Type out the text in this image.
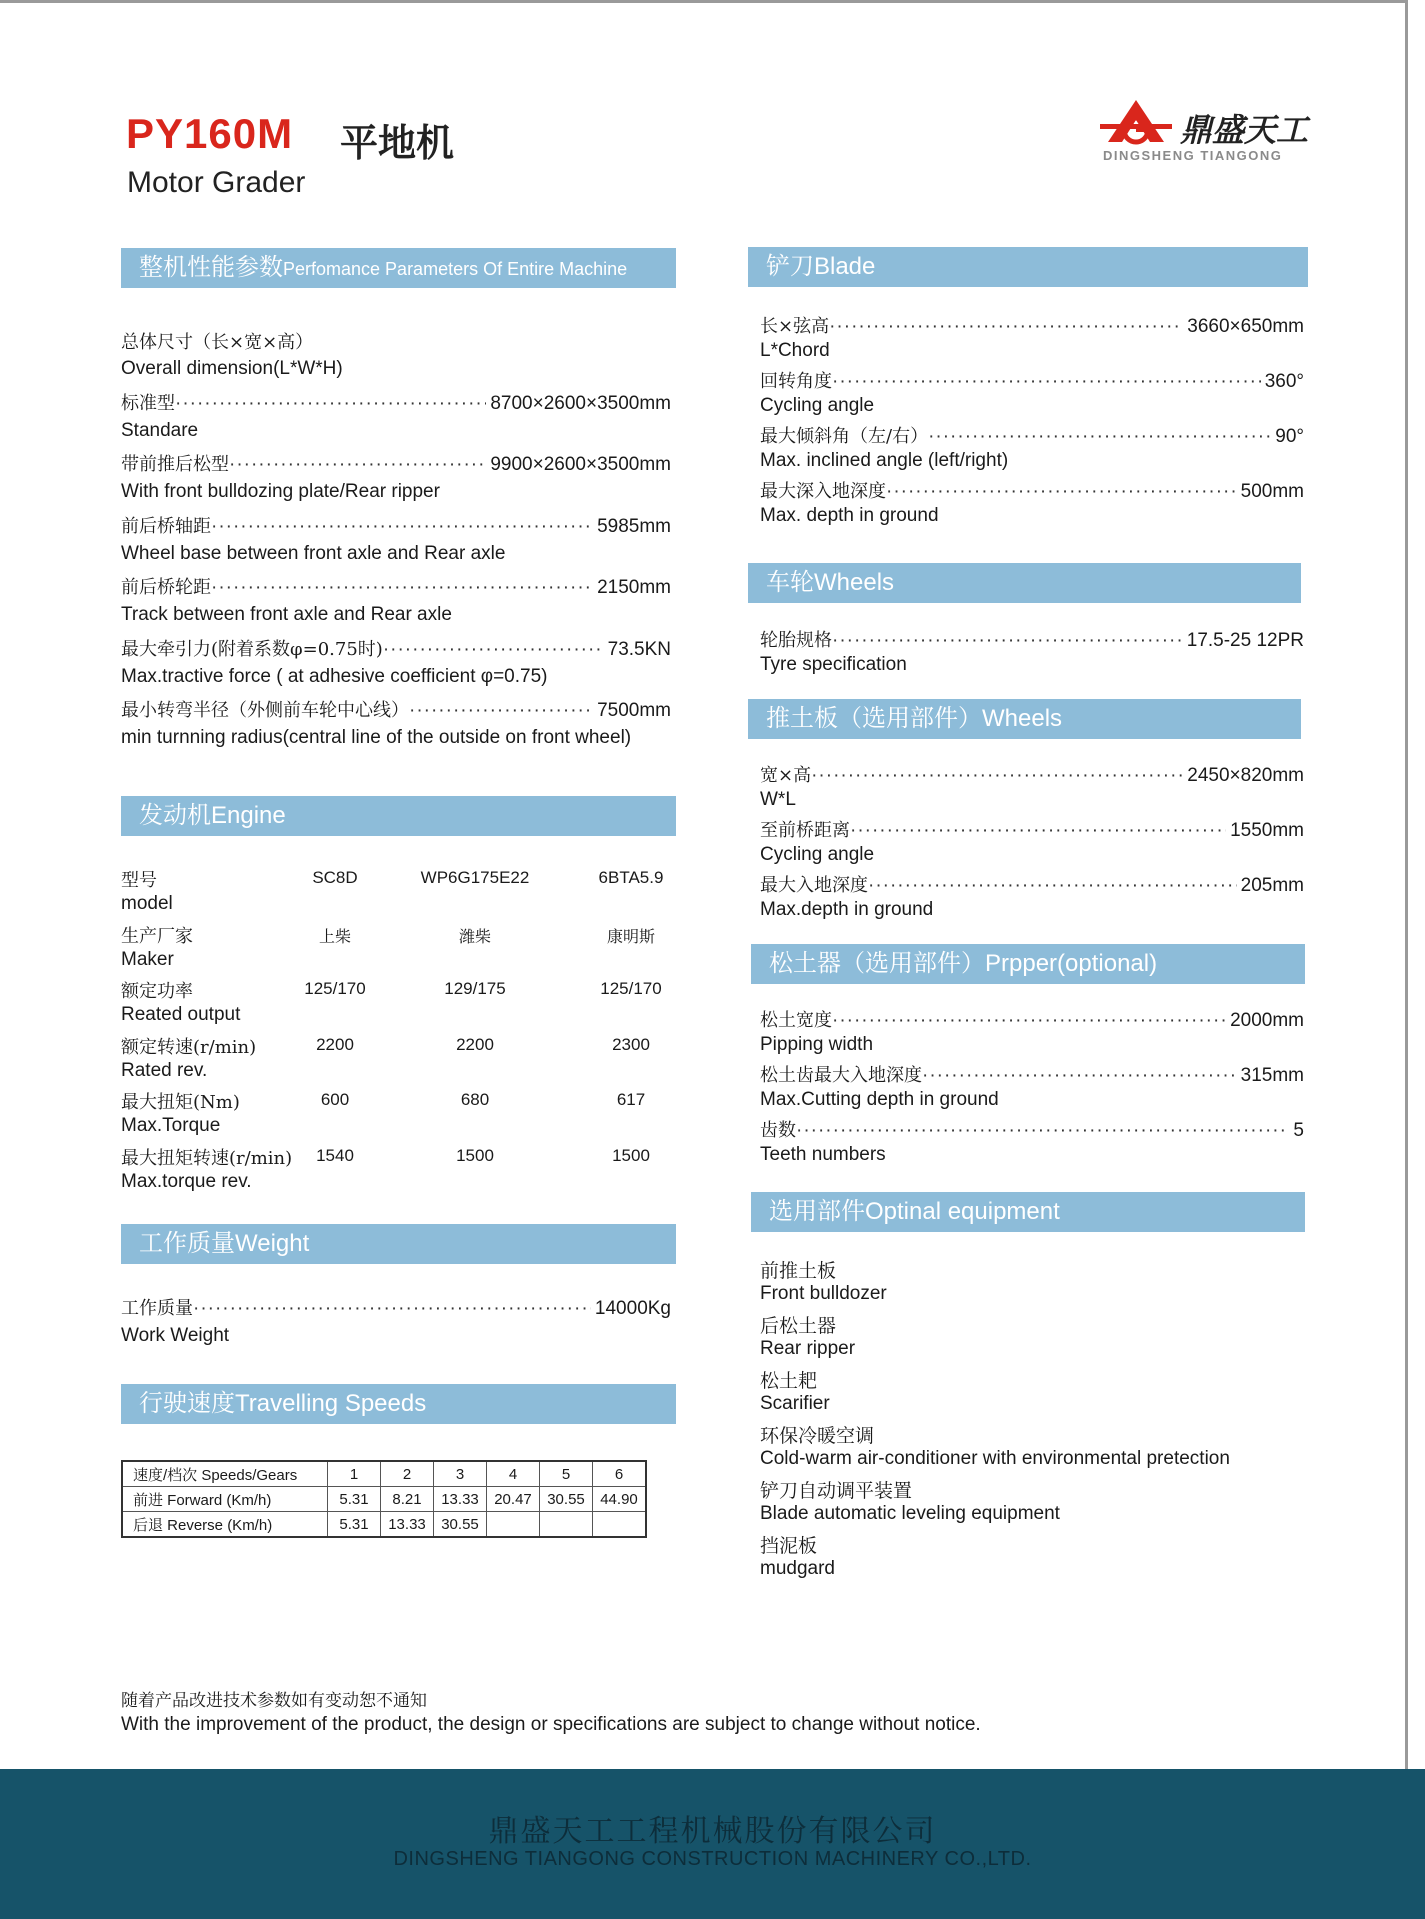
PY160M 平地机
Motor Grader
鼎盛天工
DINGSHENG TIANGONG
整机性能参数Perfomance Parameters Of Entire Machine
总体尺寸（长×宽×高）
Overall dimension(L*W*H)
标准型 ·····	8700×2600×3500mm
Standare
带前推后松型 ·····	9900×2600×3500mm
With front bulldozing plate/Rear ripper
前后桥轴距 ·····	5985mm
Wheel base between front axle and Rear axle
前后桥轮距 ·····	2150mm
Track between front axle and Rear axle
最大牵引力(附着系数φ=0.75时) ·····	73.5KN
Max.tractive force ( at adhesive coefficient φ=0.75)
最小转弯半径（外侧前车轮中心线） ·····	7500mm
min turnning radius(central line of the outside on front wheel)
发动机Engine
型号
model
SC8D	WP6G175E22	6BTA5.9
生产厂家
Maker
上柴	潍柴	康明斯
额定功率
Reated output
125/170	129/175	125/170
额定转速(r/min)
Rated rev.
2200	2200	2300
最大扭矩(Nm)
Max.Torque
600	680	617
最大扭矩转速(r/min)
Max.torque rev.
1540	1500	1500
工作质量Weight
工作质量 ·····	14000Kg
Work Weight
行驶速度Travelling Speeds
速度/档次 Speeds/Gears	1	2	3	4	5	6
前进 Forward (Km/h)	5.31	8.21	13.33	20.47	30.55	44.90
后退 Reverse (Km/h)	5.31	13.33	30.55			
铲刀Blade
长×弦高 ·····	3660×650mm
L*Chord
回转角度 ·····	360°
Cycling angle
最大倾斜角（左/右） ·····	90°
Max. inclined angle (left/right)
最大深入地深度 ·····	500mm
Max. depth in ground
车轮Wheels
轮胎规格 ·····	17.5-25 12PR
Tyre specification
推土板（选用部件）Wheels
宽×高 ·····	2450×820mm
W*L
至前桥距离 ·····	1550mm
Cycling angle
最大入地深度 ·····	205mm
Max.depth in ground
松土器（选用部件）Prpper(optional)
松土宽度 ·····	2000mm
Pipping width
松土齿最大入地深度 ·····	315mm
Max.Cutting depth in ground
齿数 ·····	5
Teeth numbers
选用部件Optinal equipment
前推土板
Front bulldozer
后松土器
Rear ripper
松土耙
Scarifier
环保冷暖空调
Cold-warm air-conditioner with environmental pretection
铲刀自动调平装置
Blade automatic leveling equipment
挡泥板
mudgard
随着产品改进技术参数如有变动恕不通知
With the improvement of the product, the design or specifications are subject to change without notice.
鼎盛天工工程机械股份有限公司
DINGSHENG TIANGONG CONSTRUCTION MACHINERY CO.,LTD.
